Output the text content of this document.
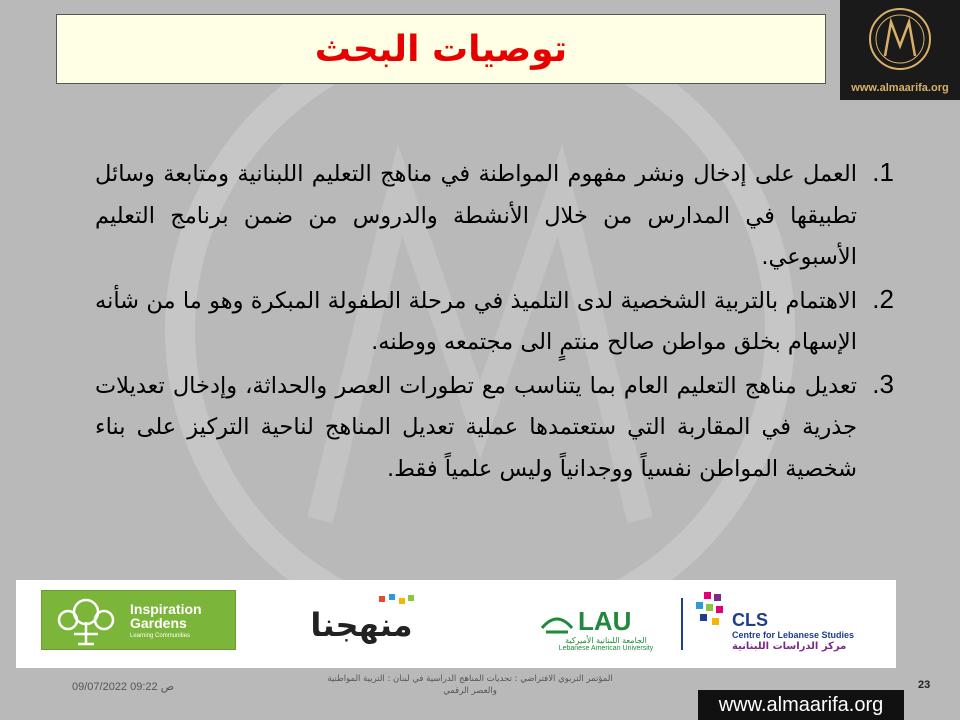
توصيات البحث
www.almaarifa.org
1. العمل على إدخال ونشر مفهوم المواطنة في مناهج التعليم اللبنانية ومتابعة وسائل تطبيقها في المدارس من خلال الأنشطة والدروس من ضمن برنامج التعليم الأسبوعي.
2. الاهتمام بالتربية الشخصية لدى التلميذ في مرحلة الطفولة المبكرة وهو ما من شأنه الإسهام بخلق مواطن صالح منتمٍ الى مجتمعه ووطنه.
3. تعديل مناهج التعليم العام بما يتناسب مع تطورات العصر والحداثة، وإدخال تعديلات جذرية في المقاربة التي ستعتمدها عملية تعديل المناهج لناحية التركيز على بناء شخصية المواطن نفسياً ووجدانياً وليس علمياً فقط.
Inspiration Gardens
Learning Communities	منهجنا	LAU
الجامعة اللبنانية الأميركية
Lebanese American University
CLS
Centre for Lebanese Studies
مركز الدراسات اللبنانية
09/07/2022 09:22 ص
المؤتمر التربوي الافتراضي : تحديات المناهج الدراسية في لبنان : التربية المواطنية والعصر الرقمي	23
www.almaarifa.org
